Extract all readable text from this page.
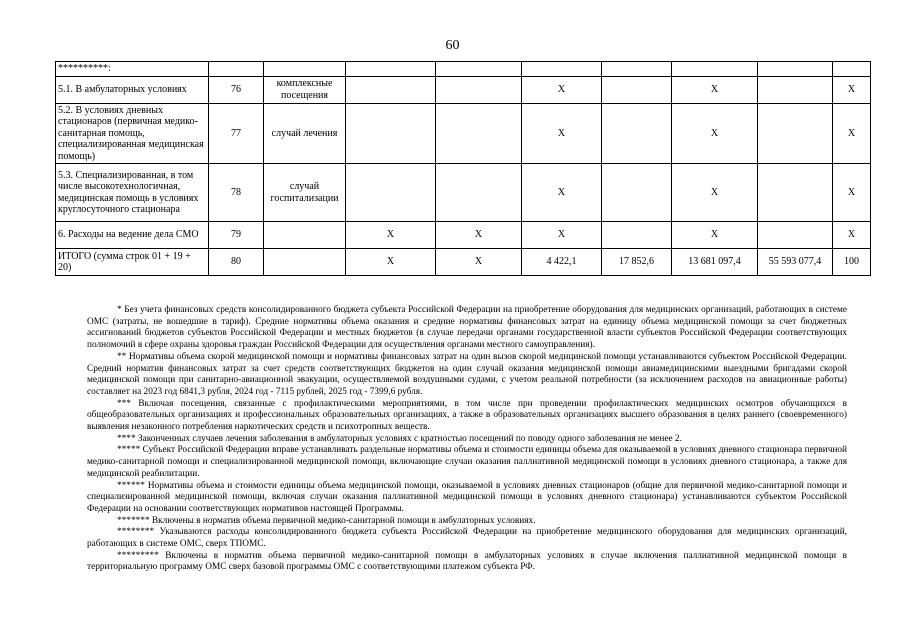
60
**********:									
5.1. В амбулаторных условиях	76	комплексные посещения			X		X		X
5.2. В условиях дневных стационаров (первичная медико-санитарная помощь, специализированная медицинская помощь)	77	случай лечения			X		X		X
5.3. Специализированная, в том числе высокотехнологичная, медицинская помощь в условиях круглосуточного стационара	78	случай госпитализации			X		X		X
6. Расходы на ведение дела СМО	79		X	X	X		X		X
ИТОГО (сумма строк 01 + 19 + 20)	80		X	X	4 422,1	17 852,6	13 681 097,4	55 593 077,4	100

* Без учета финансовых средств консолидированного бюджета субъекта Российской Федерации на приобретение оборудования для медицинских организаций, работающих в системе ОМС (затраты, не вошедшие в тариф). Средние нормативы объема оказания и средние нормативы финансовых затрат на единицу объема медицинской помощи за счет бюджетных ассигнований бюджетов субъектов Российской Федерации и местных бюджетов (в случае передачи органами государственной власти субъектов Российской Федерации соответствующих полномочий в сфере охраны здоровья граждан Российской Федерации для осуществления органами местного самоуправления).

** Нормативы объема скорой медицинской помощи и нормативы финансовых затрат на один вызов скорой медицинской помощи устанавливаются субъектом Российской Федерации. Средний норматив финансовых затрат за счет средств соответствующих бюджетов на один случай оказания медицинской помощи авиамедицинскими выездными бригадами скорой медицинской помощи при санитарно-авиационной эвакуации, осуществляемой воздушными судами, с учетом реальной потребности (за исключением расходов на авиационные работы) составляет на 2023 год 6841,3 рубля, 2024 год - 7115 рублей, 2025 год - 7399,6 рубля.

*** Включая посещения, связанные с профилактическими мероприятиями, в том числе при проведении профилактических медицинских осмотров обучающихся в общеобразовательных организациях и профессиональных образовательных организациях, а также в образовательных организациях высшего образования в целях раннего (своевременного) выявления незаконного потребления наркотических средств и психотропных веществ.

**** Законченных случаев лечения заболевания в амбулаторных условиях с кратностью посещений по поводу одного заболевания не менее 2.

***** Субъект Российской Федерации вправе устанавливать раздельные нормативы объема и стоимости единицы объема для оказываемой в условиях дневного стационара первичной медико-санитарной помощи и специализированной медицинской помощи, включающие случаи оказания паллиативной медицинской помощи в условиях дневного стационара, а также для медицинской реабилитации.

****** Нормативы объема и стоимости единицы объема медицинской помощи, оказываемой в условиях дневных стационаров (общие для первичной медико-санитарной помощи и специализированной медицинской помощи, включая случаи оказания паллиативной медицинской помощи в условиях дневного стационара) устанавливаются субъектом Российской Федерации на основании соответствующих нормативов настоящей Программы.

******* Включены в норматив объема первичной медико-санитарной помощи в амбулаторных условиях.

******** Указываются расходы консолидированного бюджета субъекта Российской Федерации на приобретение медицинского оборудования для медицинских организаций, работающих в системе ОМС, сверх ТПОМС.

********* Включены в норматив объема первичной медико-санитарной помощи в амбулаторных условиях в случае включения паллиативной медицинской помощи в территориальную программу ОМС сверх базовой программы ОМС с соответствующими платежом субъекта РФ.
